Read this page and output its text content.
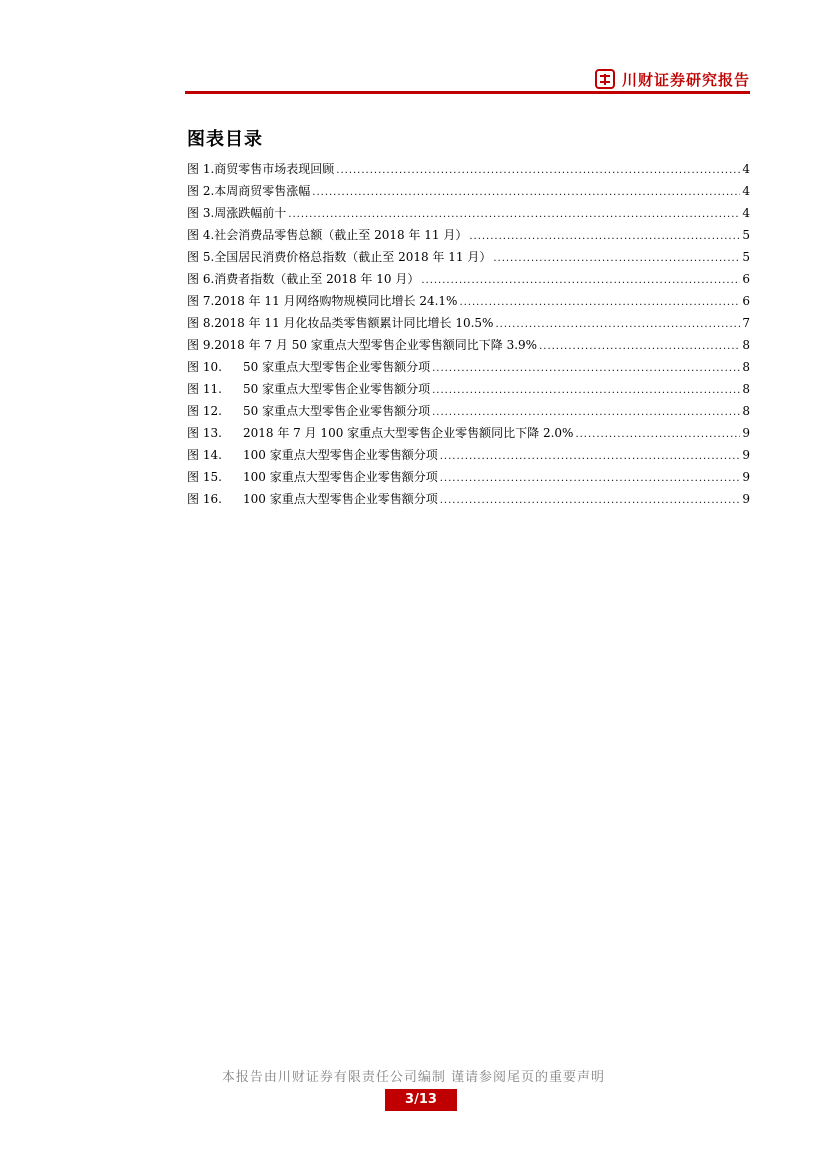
川财证券研究报告
图表目录
图 1. 商贸零售市场表现回顾 .....	4
图 2. 本周商贸零售涨幅 .....	4
图 3. 周涨跌幅前十 .....	4
图 4. 社会消费品零售总额（截止至 2018 年 11 月） .....	5
图 5. 全国居民消费价格总指数（截止至 2018 年 11 月） .....	5
图 6. 消费者指数（截止至 2018 年 10 月） .....	6
图 7. 2018 年 11 月网络购物规模同比增长 24.1% .....	6
图 8. 2018 年 11 月化妆品类零售额累计同比增长 10.5% .....	7
图 9. 2018 年 7 月 50 家重点大型零售企业零售额同比下降 3.9% .....	8
图 10.	50 家重点大型零售企业零售额分项 .....	8
图 11.	50 家重点大型零售企业零售额分项 .....	8
图 12.	50 家重点大型零售企业零售额分项 .....	8
图 13.	2018 年 7 月 100 家重点大型零售企业零售额同比下降 2.0% .....	9
图 14.	100 家重点大型零售企业零售额分项 .....	9
图 15.	100 家重点大型零售企业零售额分项 .....	9
图 16.	100 家重点大型零售企业零售额分项 .....	9
本报告由川财证券有限责任公司编制 谨请参阅尾页的重要声明
3/13
